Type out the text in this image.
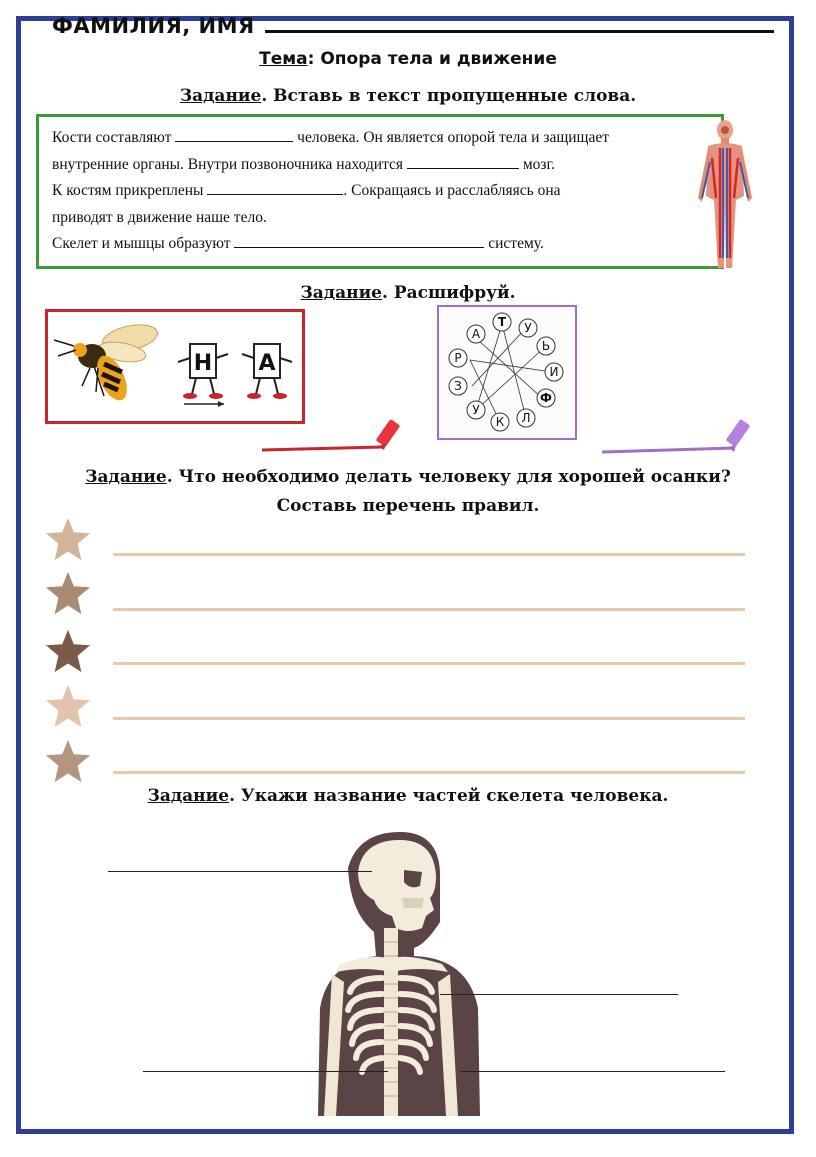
ФАМИЛИЯ, ИМЯ
Тема: Опора тела и движение
Задание. Вставь в текст пропущенные слова.
Кости составляют	человека. Он является опорой тела и защищает
внутренние органы. Внутри позвоночника находится	мозг.
К костям прикреплены	. Сокращаясь и расслабляясь она
приводят в движение наше тело.
Скелет и мышцы образуют	систему.
Задание. Расшифруй.
Н А
Т У
Ь
И
Ф
Л
К
У
З
Р
А
Задание. Что необходимо делать человеку для хорошей осанки?
Составь перечень правил.
Задание. Укажи название частей скелета человека.
